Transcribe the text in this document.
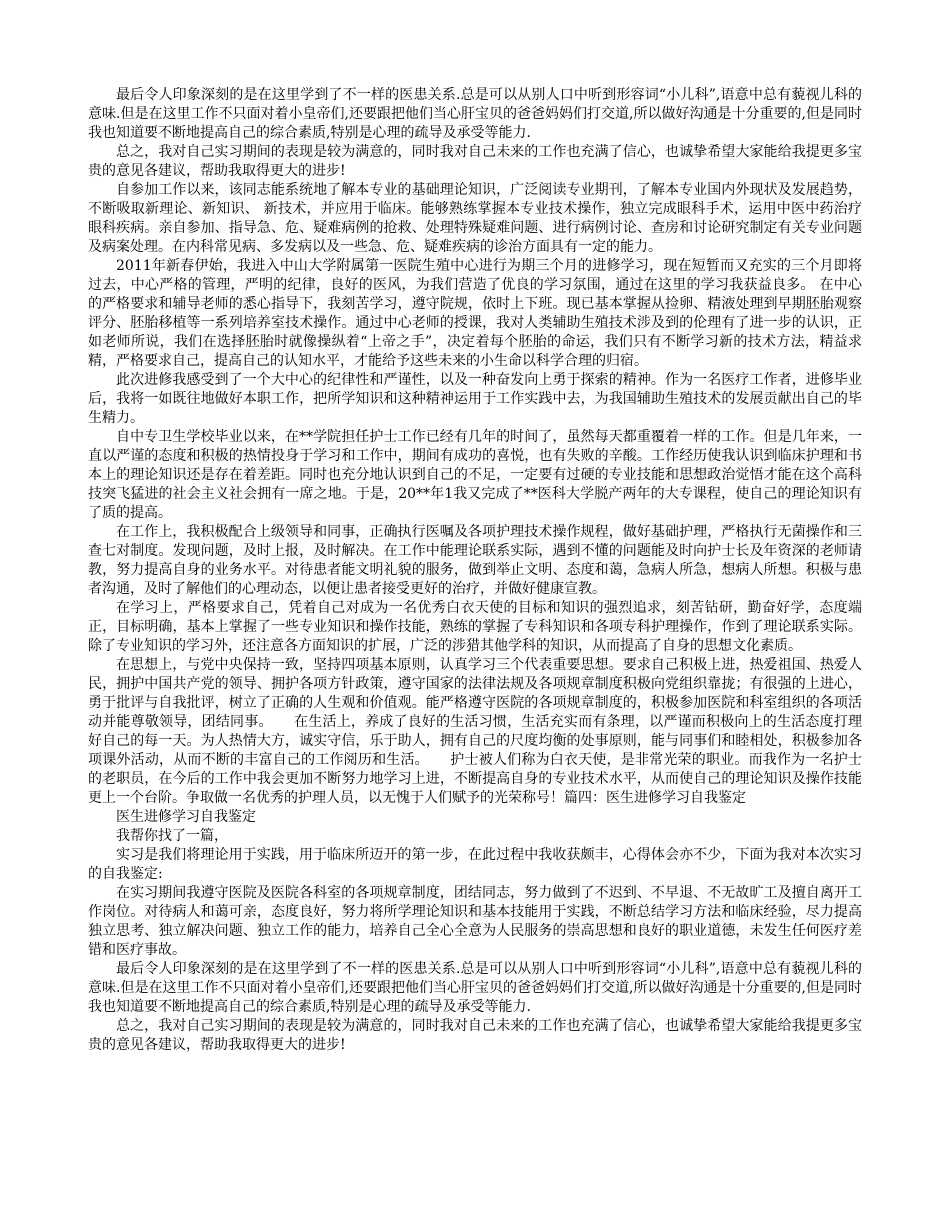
最后令人印象深刻的是在这里学到了不一样的医患关系.总是可以从别人口中听到形容词“小儿科”,语意中总有藐视儿科的意味.但是在这里工作不只面对着小皇帝们,还要跟把他们当心肝宝贝的爸爸妈妈们打交道,所以做好沟通是十分重要的,但是同时我也知道要不断地提高自己的综合素质,特别是心理的疏导及承受等能力.

总之，我对自己实习期间的表现是较为满意的，同时我对自己未来的工作也充满了信心，也诚挚希望大家能给我提更多宝贵的意见各建议，帮助我取得更大的进步!

自参加工作以来，该同志能系统地了解本专业的基础理论知识，广泛阅读专业期刊，了解本专业国内外现状及发展趋势，不断吸取新理论、新知识、 新技术，并应用于临床。能够熟练掌握本专业技术操作，独立完成眼科手术，运用中医中药治疗眼科疾病。亲自参加、指导急、危、疑难病例的抢救、处理特殊疑难问题、进行病例讨论、查房和讨论研究制定有关专业问题及病案处理。在内科常见病、多发病以及一些急、危、疑难疾病的诊治方面具有一定的能力。

2011年新春伊始，我进入中山大学附属第一医院生殖中心进行为期三个月的进修学习，现在短暂而又充实的三个月即将过去，中心严格的管理，严明的纪律，良好的医风，为我们营造了优良的学习氛围，通过在这里的学习我获益良多。 在中心的严格要求和辅导老师的悉心指导下，我刻苦学习，遵守院规，依时上下班。现已基本掌握从捡卵、精液处理到早期胚胎观察评分、胚胎移植等一系列培养室技术操作。通过中心老师的授课，我对人类辅助生殖技术涉及到的伦理有了进一步的认识，正如老师所说，我们在选择胚胎时就像操纵着“上帝之手”，决定着每个胚胎的命运，我们只有不断学习新的技术方法，精益求精，严格要求自己，提高自己的认知水平，才能给予这些未来的小生命以科学合理的归宿。

此次进修我感受到了一个大中心的纪律性和严谨性，以及一种奋发向上勇于探索的精神。作为一名医疗工作者，进修毕业后，我将一如既往地做好本职工作，把所学知识和这种精神运用于工作实践中去，为我国辅助生殖技术的发展贡献出自己的毕生精力。

自中专卫生学校毕业以来，在**学院担任护士工作已经有几年的时间了，虽然每天都重覆着一样的工作。但是几年来，一直以严谨的态度和积极的热情投身于学习和工作中，期间有成功的喜悦，也有失败的辛酸。工作经历使我认识到临床护理和书本上的理论知识还是存在着差距。同时也充分地认识到自己的不足，一定要有过硬的专业技能和思想政治觉悟才能在这个高科技突飞猛进的社会主义社会拥有一席之地。于是，20**年1我又完成了**医科大学脱产两年的大专课程，使自己的理论知识有了质的提高。

在工作上，我积极配合上级领导和同事，正确执行医嘱及各项护理技术操作规程，做好基础护理，严格执行无菌操作和三查七对制度。发现问题，及时上报，及时解决。在工作中能理论联系实际，遇到不懂的问题能及时向护士长及年资深的老师请教，努力提高自身的业务水平。对待患者能文明礼貌的服务，做到举止文明、态度和蔼，急病人所急，想病人所想。积极与患者沟通，及时了解他们的心理动态，以便让患者接受更好的治疗，并做好健康宣教。

在学习上，严格要求自己，凭着自己对成为一名优秀白衣天使的目标和知识的强烈追求，刻苦钻研，勤奋好学，态度端正，目标明确，基本上掌握了一些专业知识和操作技能，熟练的掌握了专科知识和各项专科护理操作，作到了理论联系实际。除了专业知识的学习外，还注意各方面知识的扩展，广泛的涉猎其他学科的知识，从而提高了自身的思想文化素质。

在思想上，与党中央保持一致，坚持四项基本原则，认真学习三个代表重要思想。要求自己积极上进，热爱祖国、热爱人民，拥护中国共产党的领导、拥护各项方针政策，遵守国家的法律法规及各项规章制度积极向党组织靠拢；有很强的上进心，勇于批评与自我批评，树立了正确的人生观和价值观。能严格遵守医院的各项规章制度的，积极参加医院和科室组织的各项活动并能尊敬领导，团结同事。　　在生活上，养成了良好的生活习惯，生活充实而有条理，以严谨而积极向上的生活态度打理好自己的每一天。为人热情大方，诚实守信，乐于助人，拥有自己的尺度均衡的处事原则，能与同事们和睦相处，积极参加各项课外活动，从而不断的丰富自己的工作阅历和生活。　　护士被人们称为白衣天使，是非常光荣的职业。而我作为一名护士的老职员，在今后的工作中我会更加不断努力地学习上进，不断提高自身的专业技术水平，从而使自己的理论知识及操作技能更上一个台阶。争取做一名优秀的护理人员，以无愧于人们赋予的光荣称号！篇四：医生进修学习自我鉴定

医生进修学习自我鉴定

我帮你找了一篇，

实习是我们将理论用于实践，用于临床所迈开的第一步，在此过程中我收获颇丰，心得体会亦不少，下面为我对本次实习的自我鉴定:

在实习期间我遵守医院及医院各科室的各项规章制度，团结同志，努力做到了不迟到、不早退、不无故旷工及擅自离开工作岗位。对待病人和蔼可亲，态度良好，努力将所学理论知识和基本技能用于实践，不断总结学习方法和临床经验，尽力提高独立思考、独立解决问题、独立工作的能力，培养自己全心全意为人民服务的崇高思想和良好的职业道德，未发生任何医疗差错和医疗事故。

最后令人印象深刻的是在这里学到了不一样的医患关系.总是可以从别人口中听到形容词“小儿科”,语意中总有藐视儿科的意味.但是在这里工作不只面对着小皇帝们,还要跟把他们当心肝宝贝的爸爸妈妈们打交道,所以做好沟通是十分重要的,但是同时我也知道要不断地提高自己的综合素质,特别是心理的疏导及承受等能力.

总之，我对自己实习期间的表现是较为满意的，同时我对自己未来的工作也充满了信心，也诚挚希望大家能给我提更多宝贵的意见各建议，帮助我取得更大的进步!
